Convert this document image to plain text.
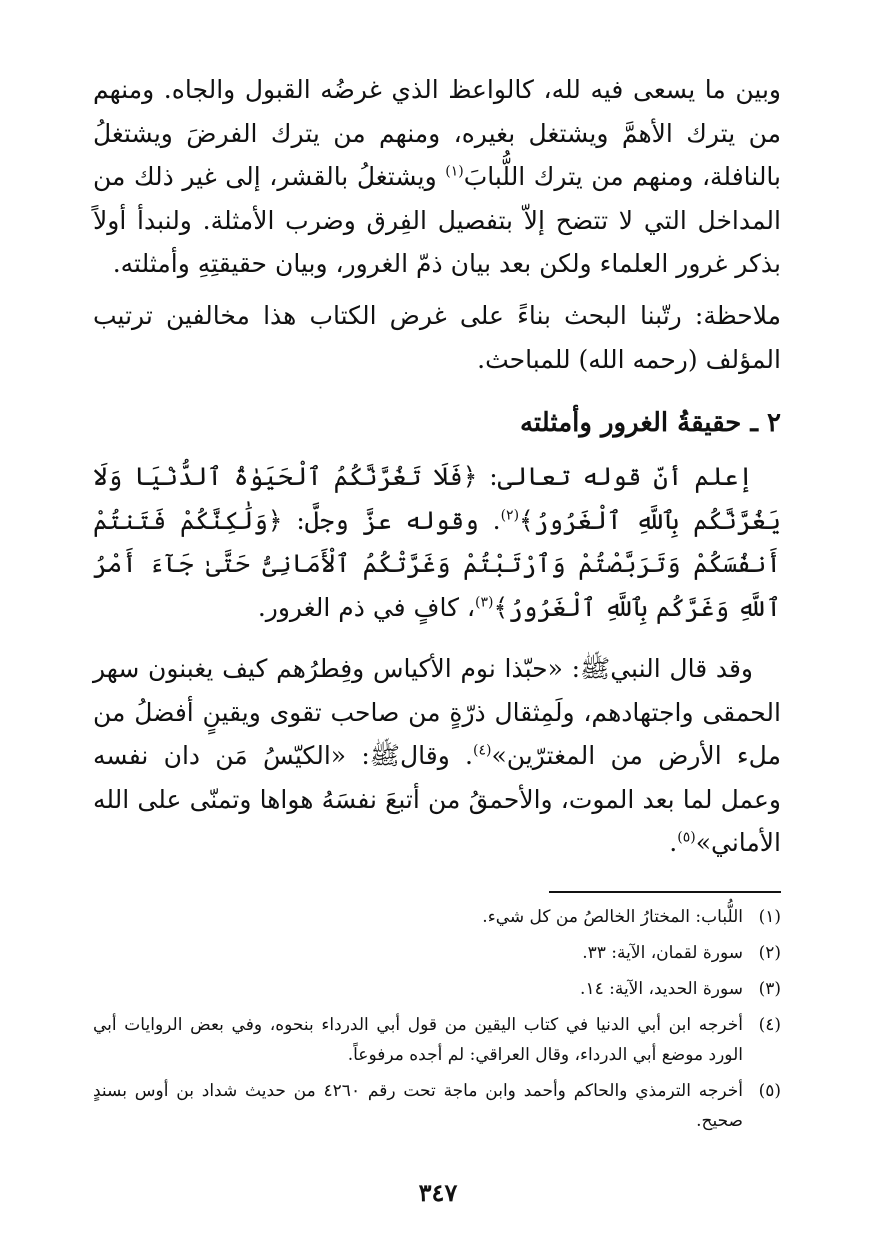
وبين ما يسعى فيه لله، كالواعظ الذي غرضُه القبول والجاه. ومنهم من يترك الأهمَّ ويشتغل بغيره، ومنهم من يترك الفرضَ ويشتغلُ بالنافلة، ومنهم من يترك اللُّبابَ$^{(١)}$ ويشتغلُ بالقشر، إلى غير ذلك من المداخل التي لا تتضح إلاّ بتفصيل الفِرق وضرب الأمثلة. ولنبدأ أولاً بذكر غرور العلماء ولكن بعد بيان ذمّ الغرور، وبيان حقيقتِهِ وأمثلته.

ملاحظة: رتّبنا البحث بناءً على غرض الكتاب هذا مخالفين ترتيب المؤلف (رحمه الله) للمباحث.

٢ ـ حقيقةُ الغرور وأمثلته

إعلم أنّ قوله تعالى: ﴿فَلَا تَغُرَّنَّكُمُ ٱلْحَيَوٰةُ ٱلدُّنْيَا وَلَا يَغُرَّنَّكُم بِٱللَّهِ ٱلْغَرُورُ﴾$^{(٢)}$. وقوله عزَّ وجلَّ: ﴿وَلَٰكِنَّكُمْ فَتَنتُمْ أَنفُسَكُمْ وَتَرَبَّصْتُمْ وَٱرْتَبْتُمْ وَغَرَّتْكُمُ ٱلْأَمَانِىُّ حَتَّىٰ جَآءَ أَمْرُ ٱللَّهِ وَغَرَّكُم بِٱللَّهِ ٱلْغَرُورُ﴾$^{(٣)}$، كافٍ في ذم الغرور.

وقد قال النبيﷺ: «حبّذا نوم الأكياس وفِطرُهم كيف يغبنون سهر الحمقى واجتهادهم، ولَمِثقال ذرّةٍ من صاحب تقوى ويقينٍ أفضلُ من ملء الأرض من المغترّين»$^{(٤)}$. وقالﷺ: «الكيّسُ مَن دان نفسه وعمل لما بعد الموت، والأحمقُ من أتبعَ نفسَهُ هواها وتمنّى على الله الأماني»$^{(٥)}$.

(١)
اللُّباب: المختارُ الخالصُ من كل شيء.
(٢)
سورة لقمان، الآية: ٣٣.
(٣)
سورة الحديد، الآية: ١٤.
(٤)
أخرجه ابن أبي الدنيا في كتاب اليقين من قول أبي الدرداء بنحوه، وفي بعض الروايات أبي الورد موضع أبي الدرداء، وقال العراقي: لم أجده مرفوعاً.
(٥)
أخرجه الترمذي والحاكم وأحمد وابن ماجة تحت رقم ٤٢٦٠ من حديث شداد بن أوس بسندٍ صحيح.
٣٤٧
